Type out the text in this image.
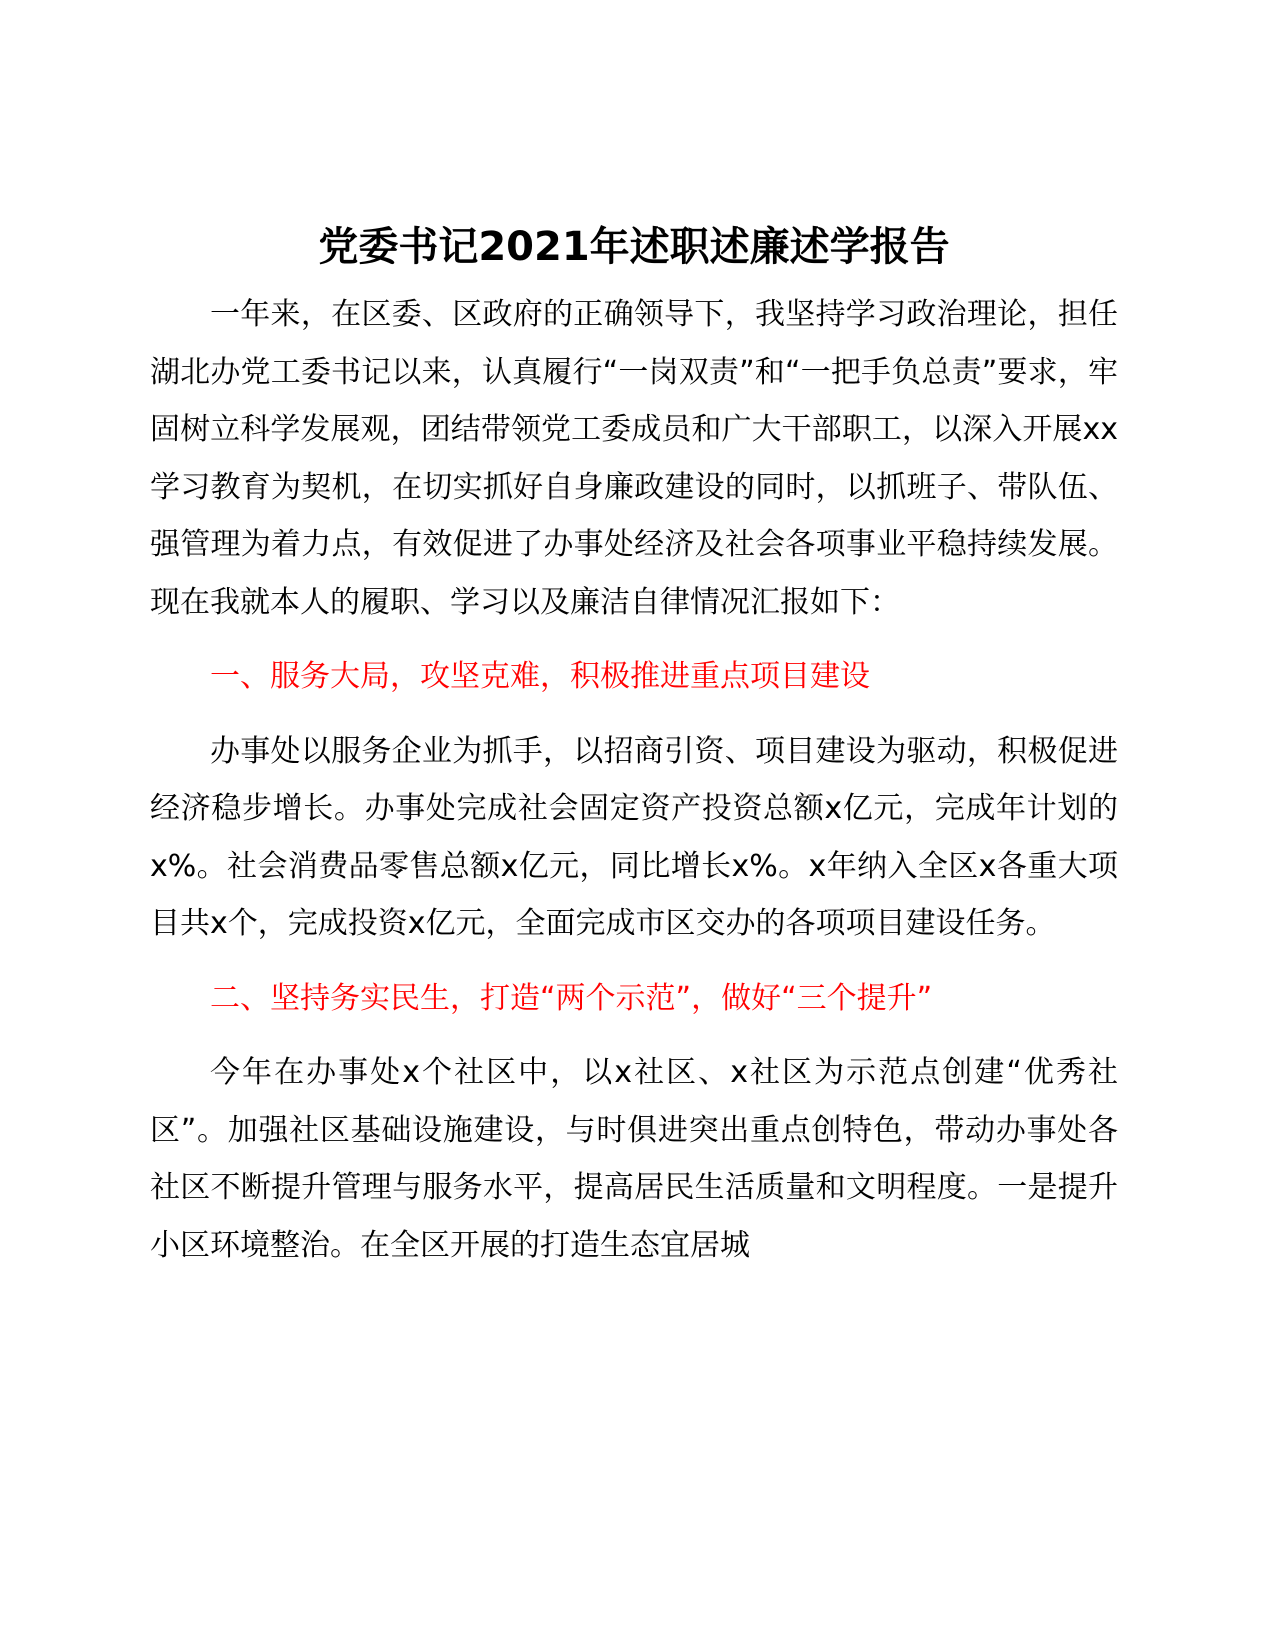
党委书记2021年述职述廉述学报告

一年来，在区委、区政府的正确领导下，我坚持学习政治理论，担任湖北办党工委书记以来，认真履行“一岗双责”和“一把手负总责”要求，牢固树立科学发展观，团结带领党工委成员和广大干部职工，以深入开展xx学习教育为契机，在切实抓好自身廉政建设的同时，以抓班子、带队伍、强管理为着力点，有效促进了办事处经济及社会各项事业平稳持续发展。现在我就本人的履职、学习以及廉洁自律情况汇报如下：

一、服务大局，攻坚克难，积极推进重点项目建设

办事处以服务企业为抓手，以招商引资、项目建设为驱动，积极促进经济稳步增长。办事处完成社会固定资产投资总额x亿元，完成年计划的x%。社会消费品零售总额x亿元，同比增长x%。x年纳入全区x各重大项目共x个，完成投资x亿元，全面完成市区交办的各项项目建设任务。

二、坚持务实民生，打造“两个示范”，做好“三个提升”

今年在办事处x个社区中，以x社区、x社区为示范点创建“优秀社区”。加强社区基础设施建设，与时俱进突出重点创特色，带动办事处各社区不断提升管理与服务水平，提高居民生活质量和文明程度。一是提升小区环境整治。在全区开展的打造生态宜居城
